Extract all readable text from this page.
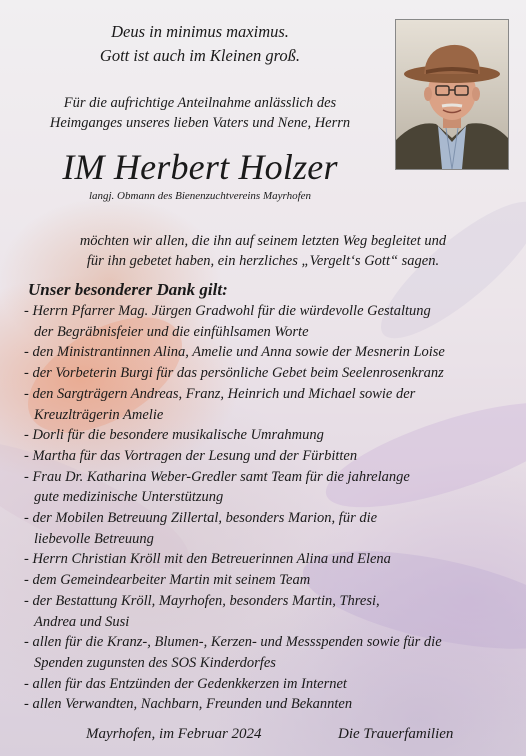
Deus in minimus maximus.
Gott ist auch im Kleinen groß.
Für die aufrichtige Anteilnahme anlässlich des
Heimganges unseres lieben Vaters und Nene, Herrn
IM Herbert Holzer
langj. Obmann des Bienenzuchtvereins Mayrhofen
möchten wir allen, die ihn auf seinem letzten Weg begleitet und
für ihn gebetet haben, ein herzliches „Vergelt‘s Gott“ sagen.
Unser besonderer Dank gilt:
- Herrn Pfarrer Mag. Jürgen Gradwohl für die würdevolle Gestaltung
der Begräbnisfeier und die einfühlsamen Worte
- den Ministrantinnen Alina, Amelie und Anna sowie der Mesnerin Loise
- der Vorbeterin Burgi für das persönliche Gebet beim Seelenrosenkranz
- den Sargträgern Andreas, Franz, Heinrich und Michael sowie der
Kreuzlträgerin Amelie
- Dorli für die besondere musikalische Umrahmung
- Martha für das Vortragen der Lesung und der Fürbitten
- Frau Dr. Katharina Weber-Gredler samt Team für die jahrelange
gute medizinische Unterstützung
- der Mobilen Betreuung Zillertal, besonders Marion, für die
liebevolle Betreuung
- Herrn Christian Kröll mit den Betreuerinnen Alina und Elena
- dem Gemeindearbeiter Martin mit seinem Team
- der Bestattung Kröll, Mayrhofen, besonders Martin, Thresi,
Andrea und Susi
- allen für die Kranz-, Blumen-, Kerzen- und Messspenden sowie für die
Spenden zugunsten des SOS Kinderdorfes
- allen für das Entzünden der Gedenkkerzen im Internet
- allen Verwandten, Nachbarn, Freunden und Bekannten
Mayrhofen, im Februar 2024	Die Trauerfamilien
